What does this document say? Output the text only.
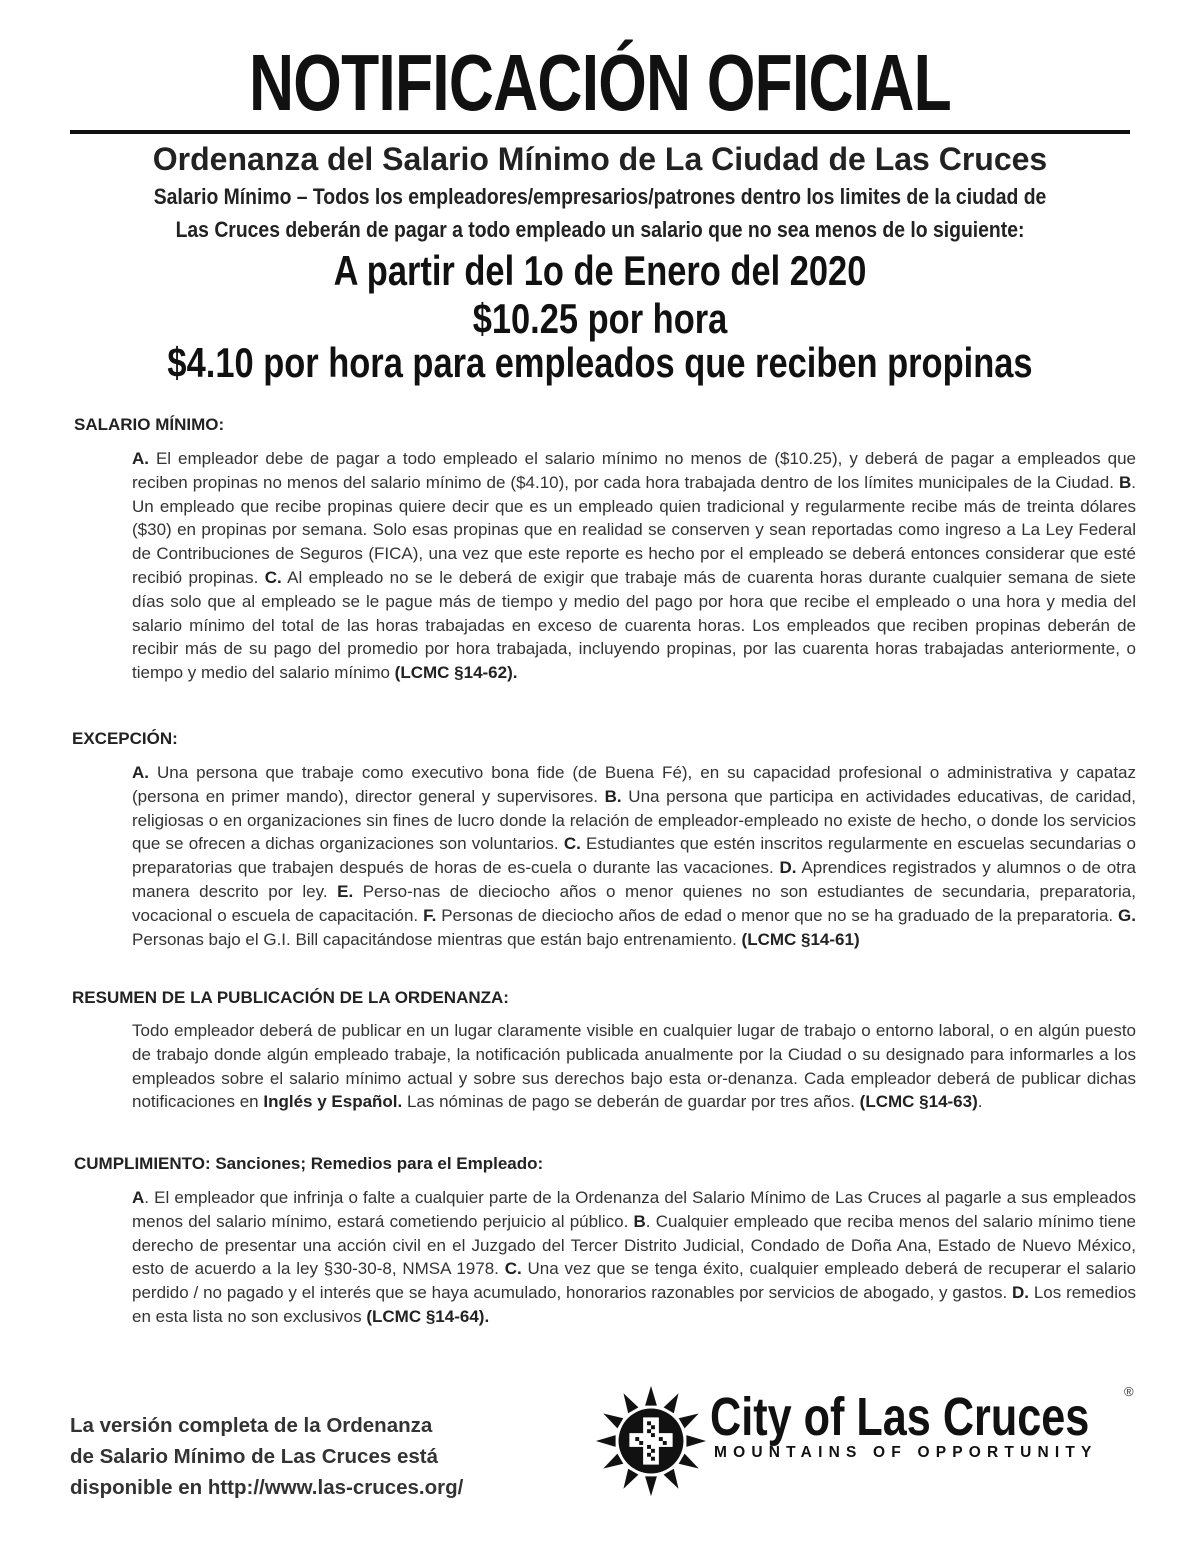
NOTIFICACIÓN OFICIAL
Ordenanza del Salario Mínimo de La Ciudad de Las Cruces
Salario Mínimo – Todos los empleadores/empresarios/patrones dentro los limites de la ciudad de
Las Cruces deberán de pagar a todo empleado un salario que no sea menos de lo siguiente:
A partir del 1o de Enero del 2020
$10.25 por hora
$4.10 por hora para empleados que reciben propinas
SALARIO MÍNIMO:
A. El empleador debe de pagar a todo empleado el salario mínimo no menos de ($10.25), y deberá de pagar a empleados que reciben propinas no menos del salario mínimo de ($4.10), por cada hora trabajada dentro de los límites municipales de la Ciudad. B. Un empleado que recibe propinas quiere decir que es un empleado quien tradicional y regularmente recibe más de treinta dólares ($30) en propinas por semana. Solo esas propinas que en realidad se conserven y sean reportadas como ingreso a La Ley Federal de Contribuciones de Seguros (FICA), una vez que este reporte es hecho por el empleado se deberá entonces considerar que esté recibió propinas. C. Al empleado no se le deberá de exigir que trabaje más de cuarenta horas durante cualquier semana de siete días solo que al empleado se le pague más de tiempo y medio del pago por hora que recibe el empleado o una hora y media del salario mínimo del total de las horas trabajadas en exceso de cuarenta horas. Los empleados que reciben propinas deberán de recibir más de su pago del promedio por hora trabajada, incluyendo propinas, por las cuarenta horas trabajadas anteriormente, o tiempo y medio del salario mínimo (LCMC §14-62).
EXCEPCIÓN:
A. Una persona que trabaje como executivo bona fide (de Buena Fé), en su capacidad profesional o administrativa y capataz (persona en primer mando), director general y supervisores. B. Una persona que participa en actividades educativas, de caridad, religiosas o en organizaciones sin fines de lucro donde la relación de empleador-empleado no existe de hecho, o donde los servicios que se ofrecen a dichas organizaciones son voluntarios. C. Estudiantes que estén inscritos regularmente en escuelas secundarias o preparatorias que trabajen después de horas de es-cuela o durante las vacaciones. D. Aprendices registrados y alumnos o de otra manera descrito por ley. E. Perso-nas de dieciocho años o menor quienes no son estudiantes de secundaria, preparatoria, vocacional o escuela de capacitación. F. Personas de dieciocho años de edad o menor que no se ha graduado de la preparatoria. G. Personas bajo el G.I. Bill capacitándose mientras que están bajo entrenamiento. (LCMC §14-61)
RESUMEN DE LA PUBLICACIÓN DE LA ORDENANZA:
Todo empleador deberá de publicar en un lugar claramente visible en cualquier lugar de trabajo o entorno laboral, o en algún puesto de trabajo donde algún empleado trabaje, la notificación publicada anualmente por la Ciudad o su designado para informarles a los empleados sobre el salario mínimo actual y sobre sus derechos bajo esta or-denanza. Cada empleador deberá de publicar dichas notificaciones en Inglés y Español. Las nóminas de pago se deberán de guardar por tres años. (LCMC §14-63).
CUMPLIMIENTO: Sanciones; Remedios para el Empleado:
A. El empleador que infrinja o falte a cualquier parte de la Ordenanza del Salario Mínimo de Las Cruces al pagarle a sus empleados menos del salario mínimo, estará cometiendo perjuicio al público. B. Cualquier empleado que reciba menos del salario mínimo tiene derecho de presentar una acción civil en el Juzgado del Tercer Distrito Judicial, Condado de Doña Ana, Estado de Nuevo México, esto de acuerdo a la ley §30-30-8, NMSA 1978. C. Una vez que se tenga éxito, cualquier empleado deberá de recuperar el salario perdido / no pagado y el interés que se haya acumulado, honorarios razonables por servicios de abogado, y gastos. D. Los remedios en esta lista no son exclusivos (LCMC §14-64).
La versión completa de la Ordenanza
de Salario Mínimo de Las Cruces está
disponible en http://www.las-cruces.org/
City of Las Cruces	®
MOUNTAINS OF OPPORTUNITY
